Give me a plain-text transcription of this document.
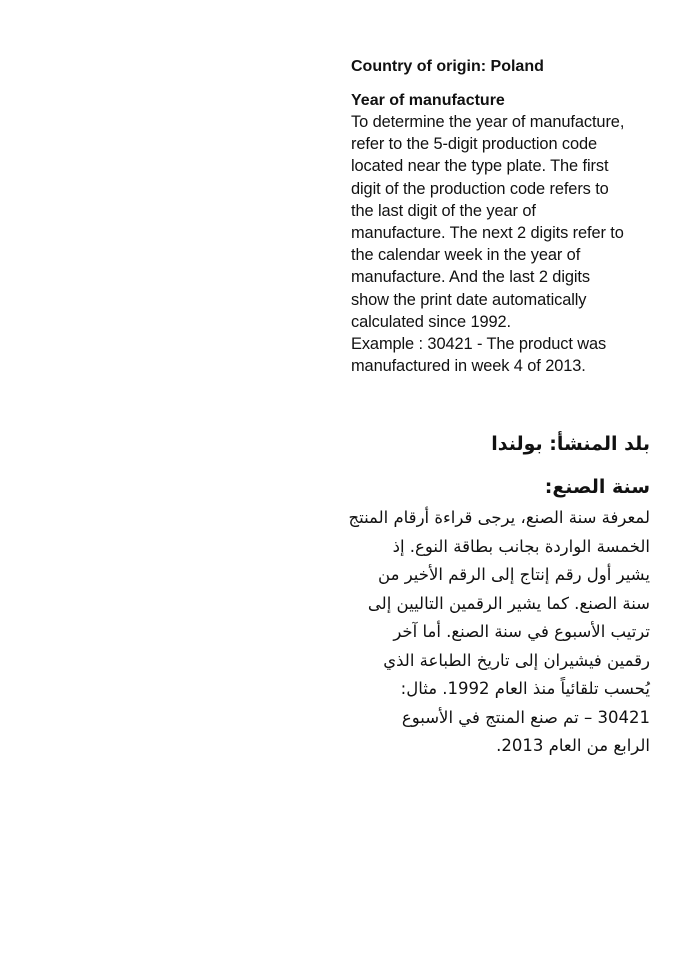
Country of origin: Poland

Year of manufacture

To determine the year of manufacture,
refer to the 5-digit production code
located near the type plate. The first
digit of the production code refers to
the last digit of the year of
manufacture. The next 2 digits refer to
the calendar week in the year of
manufacture. And the last 2 digits
show the print date automatically
calculated since 1992.
Example : 30421 - The product was
manufactured in week 4 of 2013.

بلد المنشأ: بولندا

سنة الصنع:

لمعرفة سنة الصنع، يرجى قراءة أرقام المنتج
الخمسة الواردة بجانب بطاقة النوع. إذ
يشير أول رقم إنتاج إلى الرقم الأخير من
سنة الصنع. كما يشير الرقمين التاليين إلى
ترتيب الأسبوع في سنة الصنع. أما آخر
رقمين فيشيران إلى تاريخ الطباعة الذي
يُحسب تلقائياً منذ العام 1992. مثال:
30421 – تم صنع المنتج في الأسبوع
الرابع من العام 2013.
